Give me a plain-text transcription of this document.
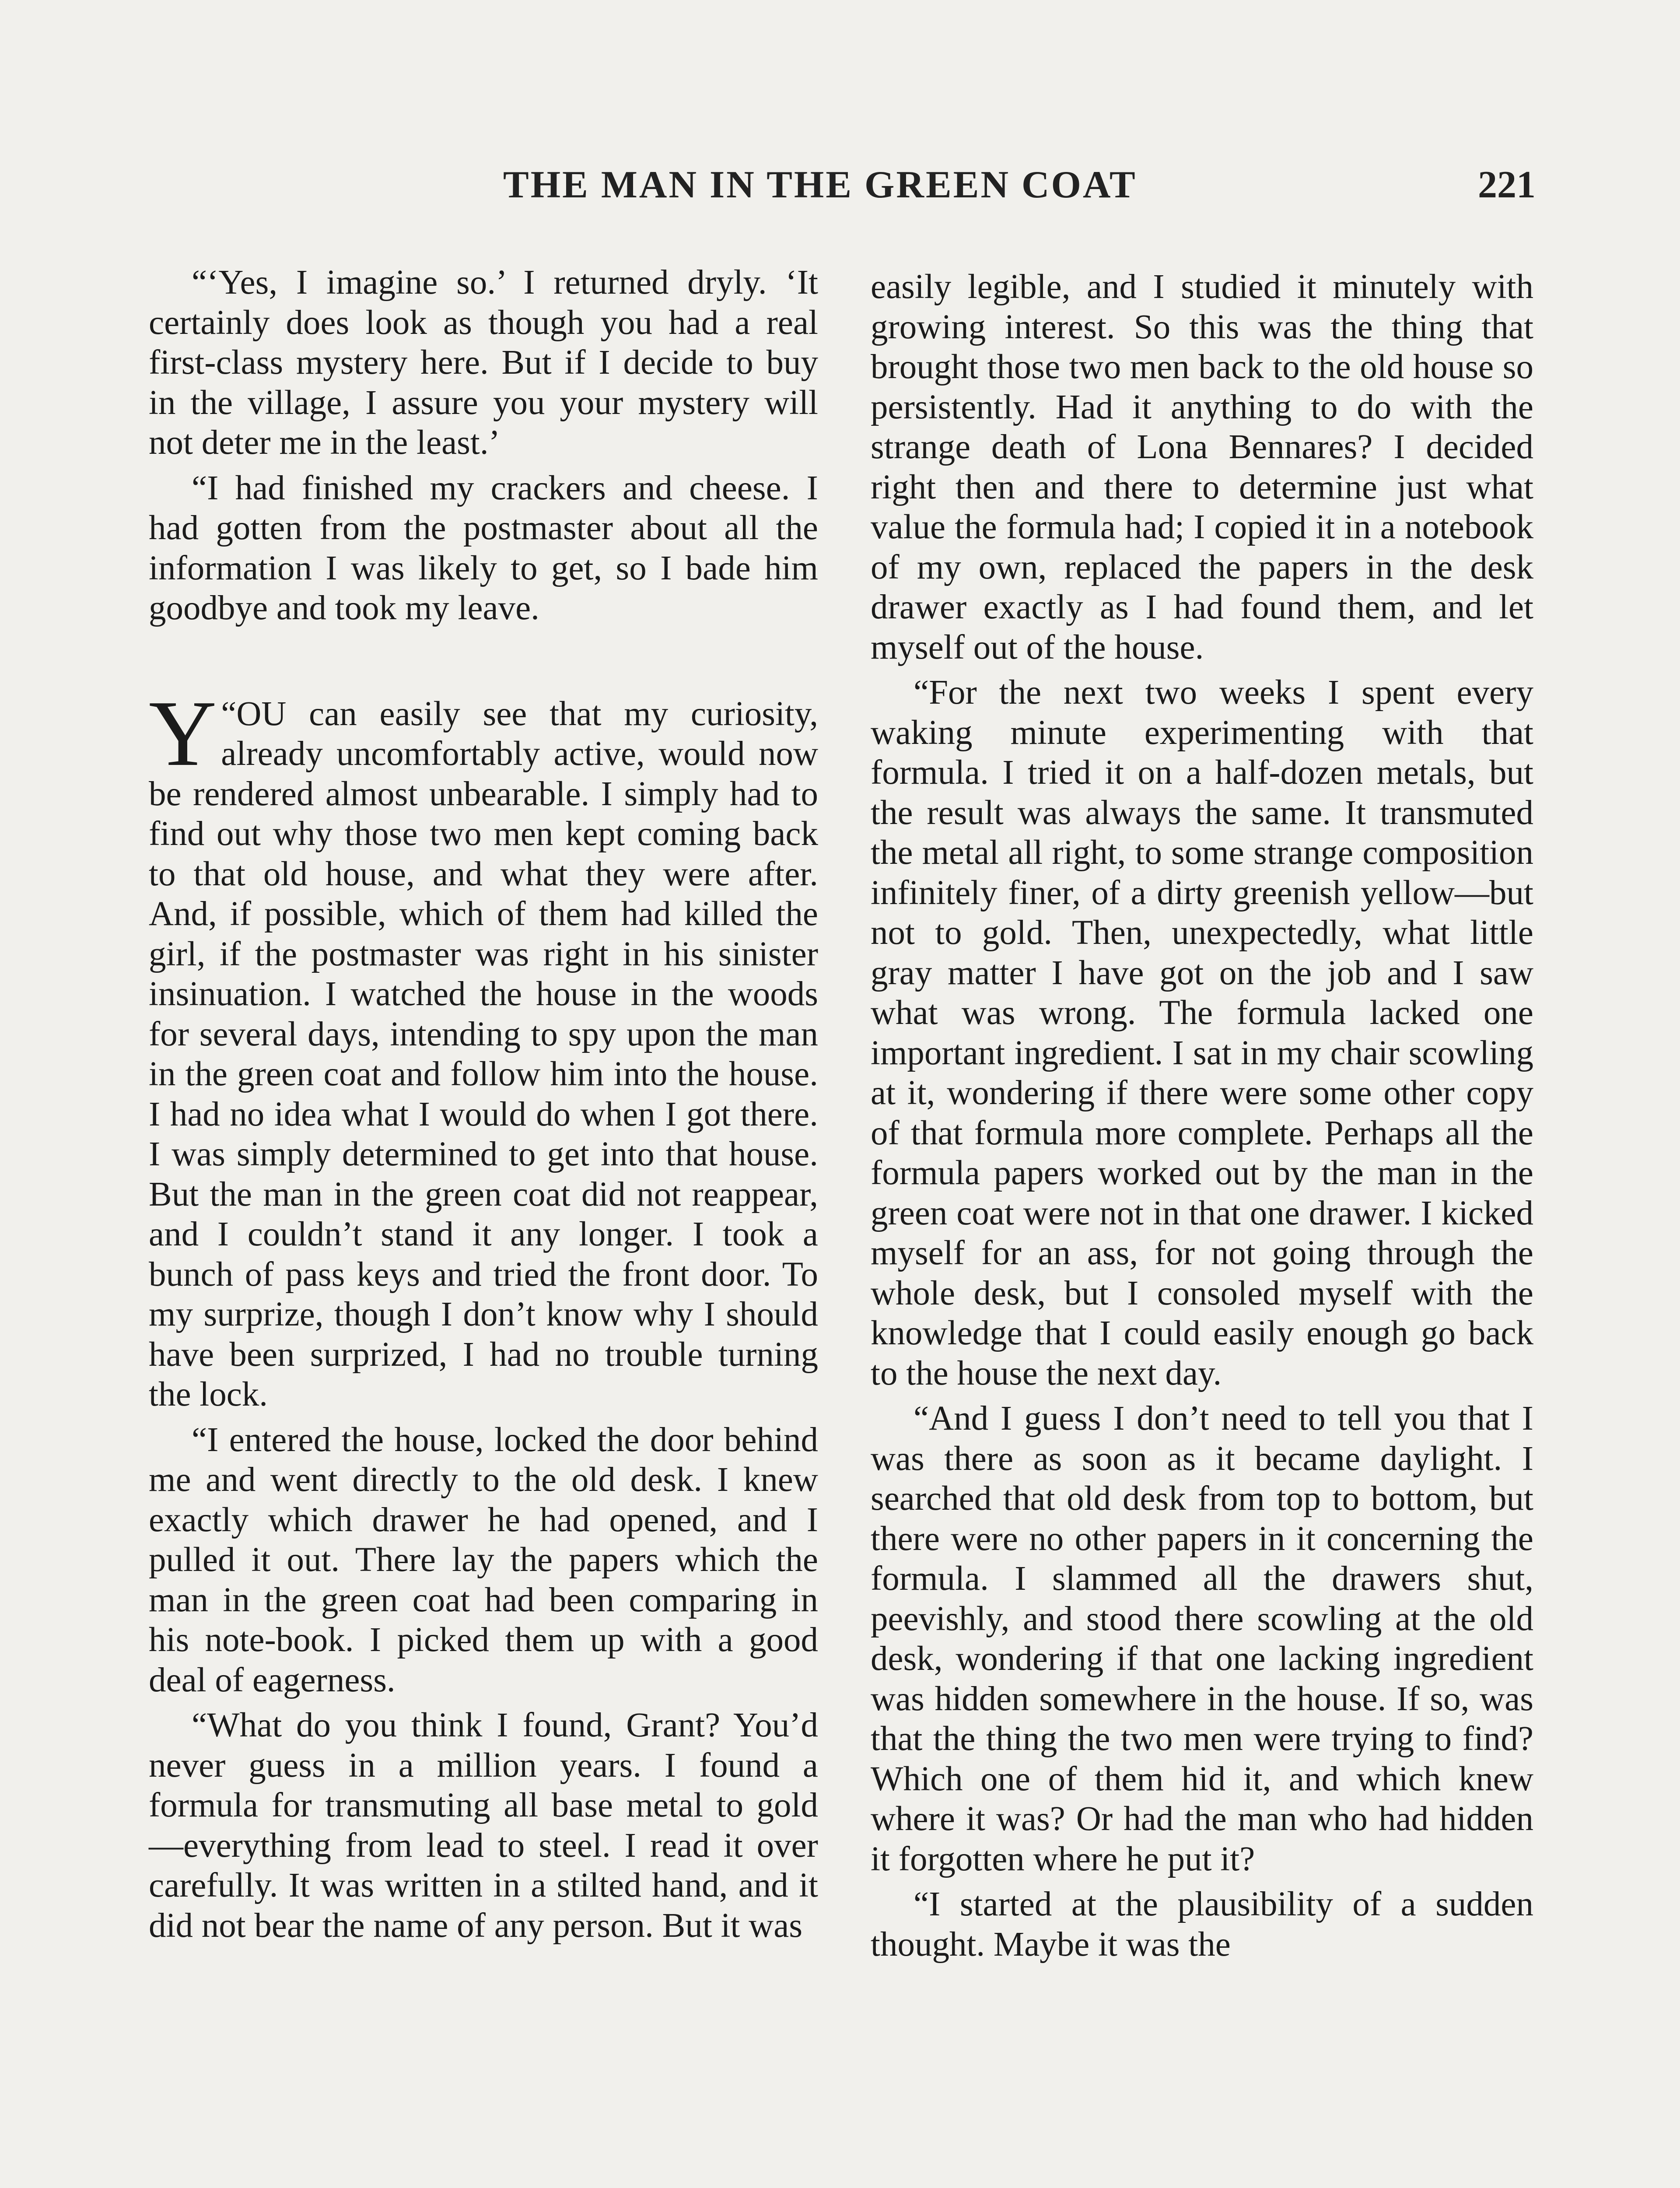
THE MAN IN THE GREEN COAT	221

“‘Yes, I imagine so.’ I returned dryly. ‘It certainly does look as though you had a real first-class mystery here. But if I decide to buy in the village, I assure you your mystery will not deter me in the least.’

“I had finished my crackers and cheese. I had gotten from the postmaster about all the information I was likely to get, so I bade him goodbye and took my leave.

“
Y OU can easily see that my curiosity, already uncomfortably active, would now be rendered almost unbearable. I simply had to find out why those two men kept coming back to that old house, and what they were after. And, if possible, which of them had killed the girl, if the postmaster was right in his sinister insinuation. I watched the house in the woods for several days, intending to spy upon the man in the green coat and follow him into the house. I had no idea what I would do when I got there. I was simply determined to get into that house. But the man in the green coat did not reappear, and I couldn’t stand it any longer. I took a bunch of pass keys and tried the front door. To my surprize, though I don’t know why I should have been surprized, I had no trouble turning the lock.

“I entered the house, locked the door behind me and went directly to the old desk. I knew exactly which drawer he had opened, and I pulled it out. There lay the papers which the man in the green coat had been comparing in his note-book. I picked them up with a good deal of eagerness.

“What do you think I found, Grant? You’d never guess in a million years. I found a formula for transmuting all base metal to gold—everything from lead to steel. I read it over carefully. It was written in a stilted hand, and it did not bear the name of any person. But it was

easily legible, and I studied it minutely with growing interest. So this was the thing that brought those two men back to the old house so persistently. Had it anything to do with the strange death of Lona Bennares? I decided right then and there to determine just what value the formula had; I copied it in a notebook of my own, replaced the papers in the desk drawer exactly as I had found them, and let myself out of the house.

“For the next two weeks I spent every waking minute experimenting with that formula. I tried it on a half-dozen metals, but the result was always the same. It transmuted the metal all right, to some strange composition infinitely finer, of a dirty greenish yellow—but not to gold. Then, unexpectedly, what little gray matter I have got on the job and I saw what was wrong. The formula lacked one important ingredient. I sat in my chair scowling at it, wondering if there were some other copy of that formula more complete. Perhaps all the formula papers worked out by the man in the green coat were not in that one drawer. I kicked myself for an ass, for not going through the whole desk, but I consoled myself with the knowledge that I could easily enough go back to the house the next day.

“And I guess I don’t need to tell you that I was there as soon as it became daylight. I searched that old desk from top to bottom, but there were no other papers in it concerning the formula. I slammed all the drawers shut, peevishly, and stood there scowling at the old desk, wondering if that one lacking ingredient was hidden somewhere in the house. If so, was that the thing the two men were trying to find? Which one of them hid it, and which knew where it was? Or had the man who had hidden it forgotten where he put it?

“I started at the plausibility of a sudden thought. Maybe it was the
